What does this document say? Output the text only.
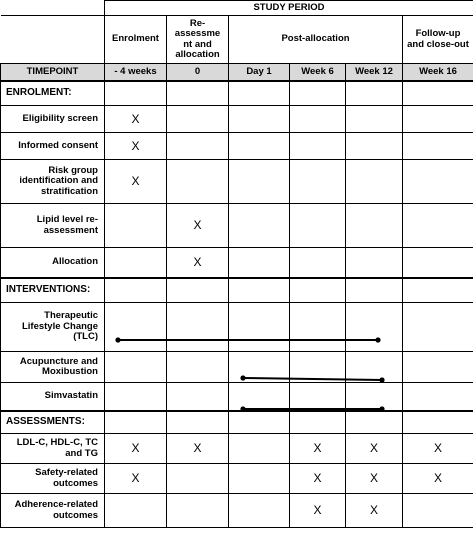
	STUDY PERIOD					
	Enrolment	Re-assessme nt and allocation	Post-allocation			Follow-up and close-out
TIMEPOINT	- 4 weeks	0	Day 1	Week 6	Week 12	Week 16
ENROLMENT:						
Eligibility screen	X					
Informed consent	X					
Risk group identification and stratification	X					
Lipid level re-assessment		X				
Allocation		X				
INTERVENTIONS:						
Therapeutic Lifestyle Change (TLC)						
Acupuncture and Moxibustion						
Simvastatin						
ASSESSMENTS:						
LDL-C, HDL-C, TC and TG	X	X		X	X	X
Safety-related outcomes	X			X	X	X
Adherence-related outcomes				X	X	
